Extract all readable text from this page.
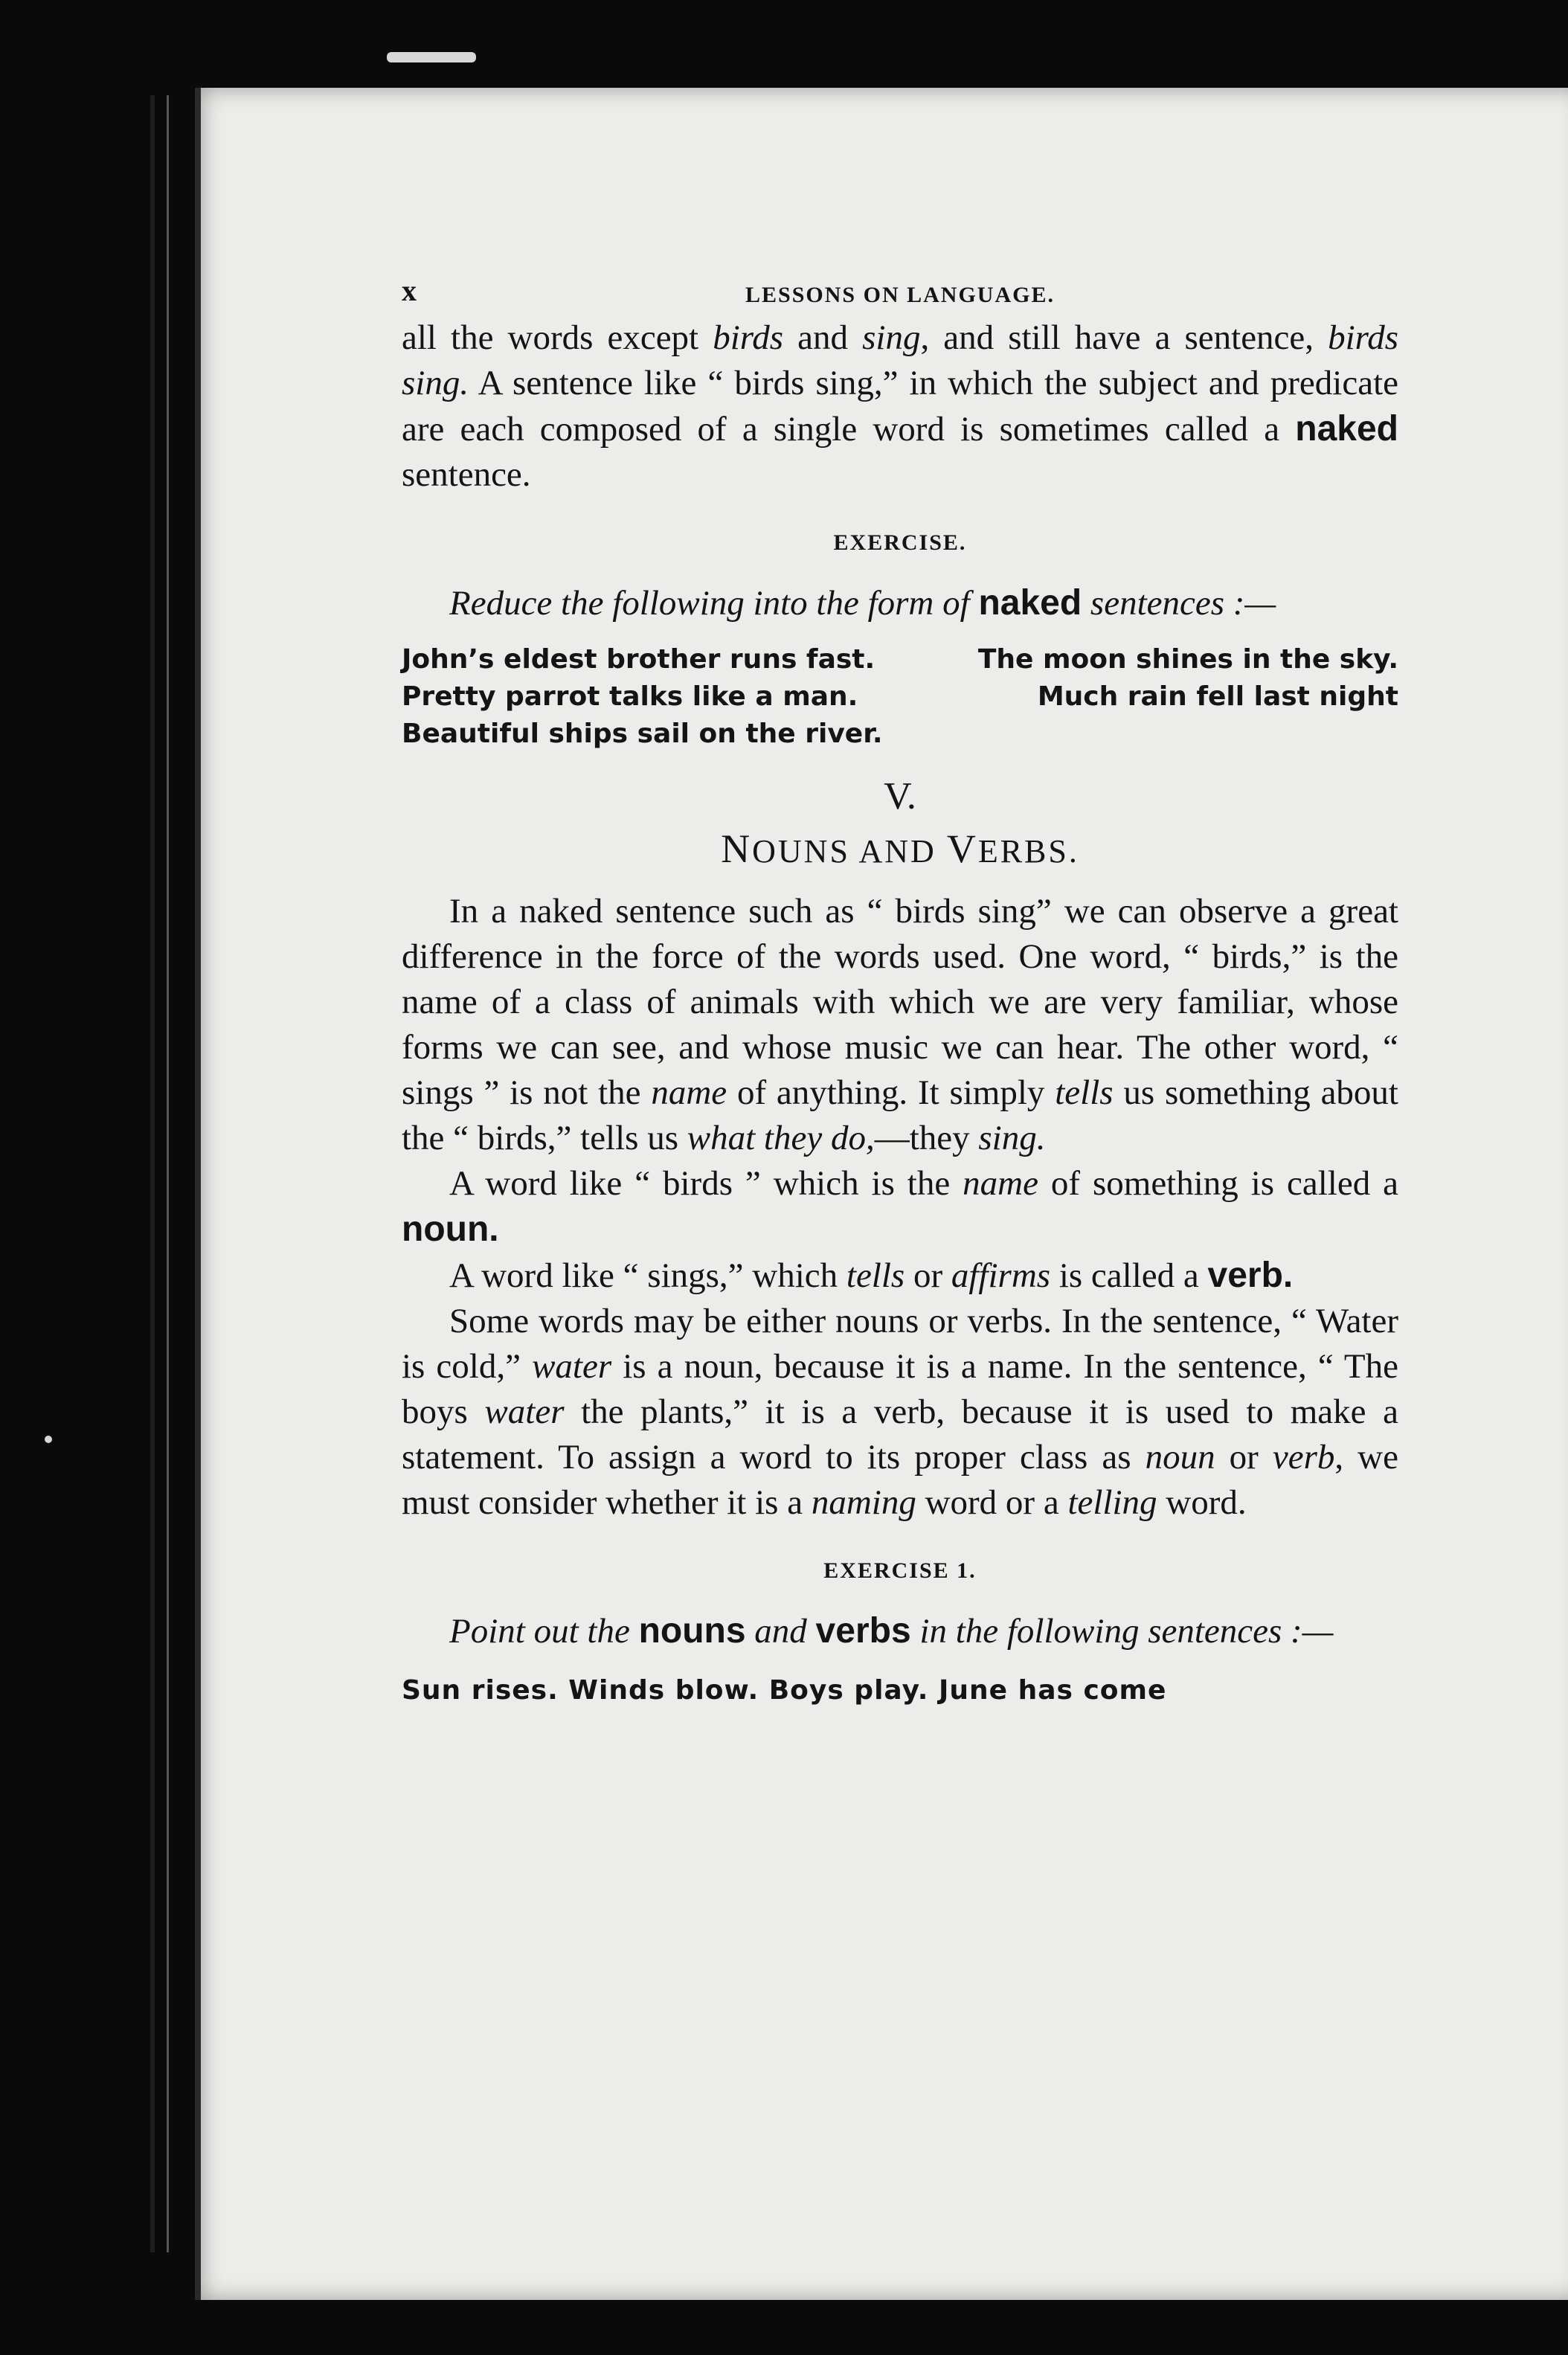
x	LESSONS ON LANGUAGE.

all the words except birds and sing, and still have a sentence, birds sing. A sentence like “ birds sing,” in which the subject and predicate are each composed of a single word is sometimes called a naked sentence.

EXERCISE.

Reduce the following into the form of naked sentences :—

John’s eldest brother runs fast.	The moon shines in the sky.
Pretty parrot talks like a man.	Much rain fell last night
Beautiful ships sail on the river.
V.
NOUNS AND VERBS.

In a naked sentence such as “ birds sing” we can observe a great difference in the force of the words used. One word, “ birds,” is the name of a class of animals with which we are very familiar, whose forms we can see, and whose music we can hear. The other word, “ sings ” is not the name of anything. It simply tells us something about the “ birds,” tells us what they do,—they sing.

A word like “ birds ” which is the name of something is called a noun.

A word like “ sings,” which tells or affirms is called a verb.

Some words may be either nouns or verbs. In the sentence, “ Water is cold,” water is a noun, because it is a name. In the sentence, “ The boys water the plants,” it is a verb, because it is used to make a statement. To assign a word to its proper class as noun or verb, we must consider whether it is a naming word or a telling word.

EXERCISE 1.

Point out the nouns and verbs in the following sentences :—

Sun rises. Winds blow. Boys play. June has come
